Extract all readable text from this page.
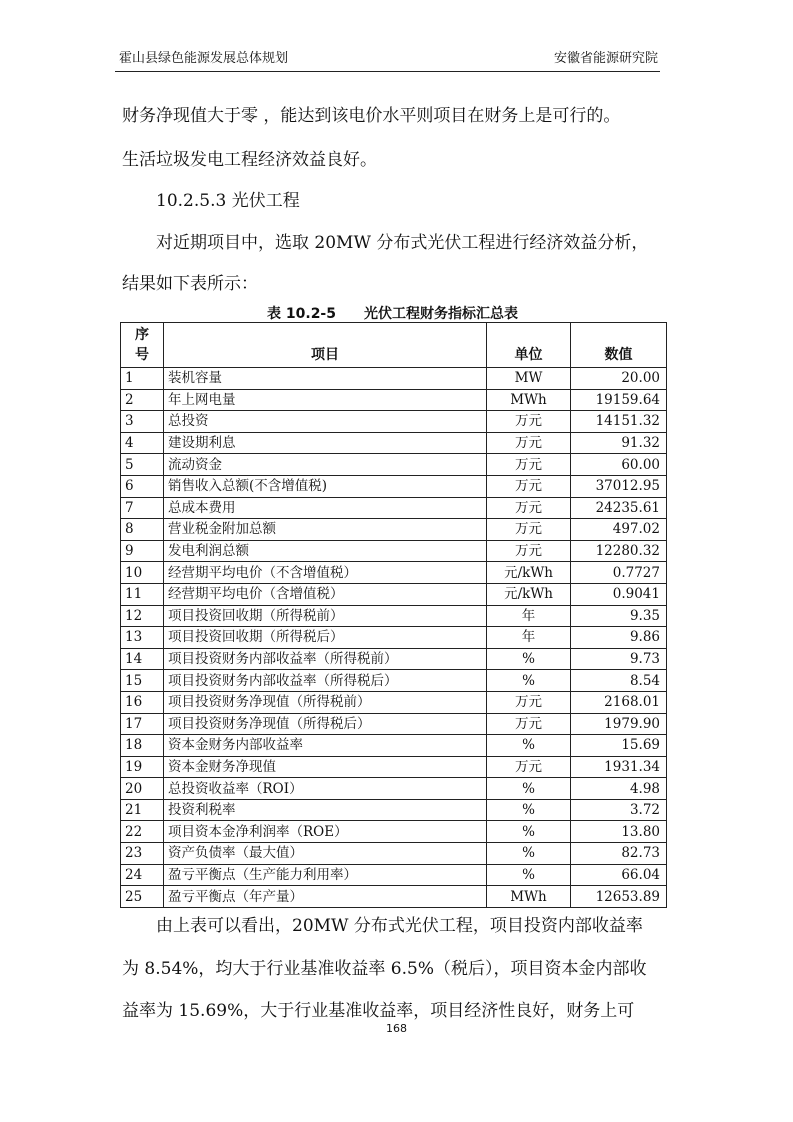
霍山县绿色能源发展总体规划	安徽省能源研究院
财务净现值大于零 ，能达到该电价水平则项目在财务上是可行的。
生活垃圾发电工程经济效益良好。
10.2.5.3 光伏工程
对近期项目中，选取 20MW 分布式光伏工程进行经济效益分析，
结果如下表所示：
表 10.2-5　　光伏工程财务指标汇总表
序
号	项目	单位	数值
1	装机容量	MW	20.00
2	年上网电量	MWh	19159.64
3	总投资	万元	14151.32
4	建设期利息	万元	91.32
5	流动资金	万元	60.00
6	销售收入总额(不含增值税)	万元	37012.95
7	总成本费用	万元	24235.61
8	营业税金附加总额	万元	497.02
9	发电利润总额	万元	12280.32
10	经营期平均电价（不含增值税）	元/kWh	0.7727
11	经营期平均电价（含增值税）	元/kWh	0.9041
12	项目投资回收期（所得税前）	年	9.35
13	项目投资回收期（所得税后）	年	9.86
14	项目投资财务内部收益率（所得税前）	%	9.73
15	项目投资财务内部收益率（所得税后）	%	8.54
16	项目投资财务净现值（所得税前）	万元	2168.01
17	项目投资财务净现值（所得税后）	万元	1979.90
18	资本金财务内部收益率	%	15.69
19	资本金财务净现值	万元	1931.34
20	总投资收益率（ROI）	%	4.98
21	投资利税率	%	3.72
22	项目资本金净利润率（ROE）	%	13.80
23	资产负债率（最大值）	%	82.73
24	盈亏平衡点（生产能力利用率）	%	66.04
25	盈亏平衡点（年产量）	MWh	12653.89
由上表可以看出，20MW 分布式光伏工程，项目投资内部收益率
为 8.54%，均大于行业基准收益率 6.5%（税后），项目资本金内部收
益率为 15.69%，大于行业基准收益率，项目经济性良好，财务上可
168
